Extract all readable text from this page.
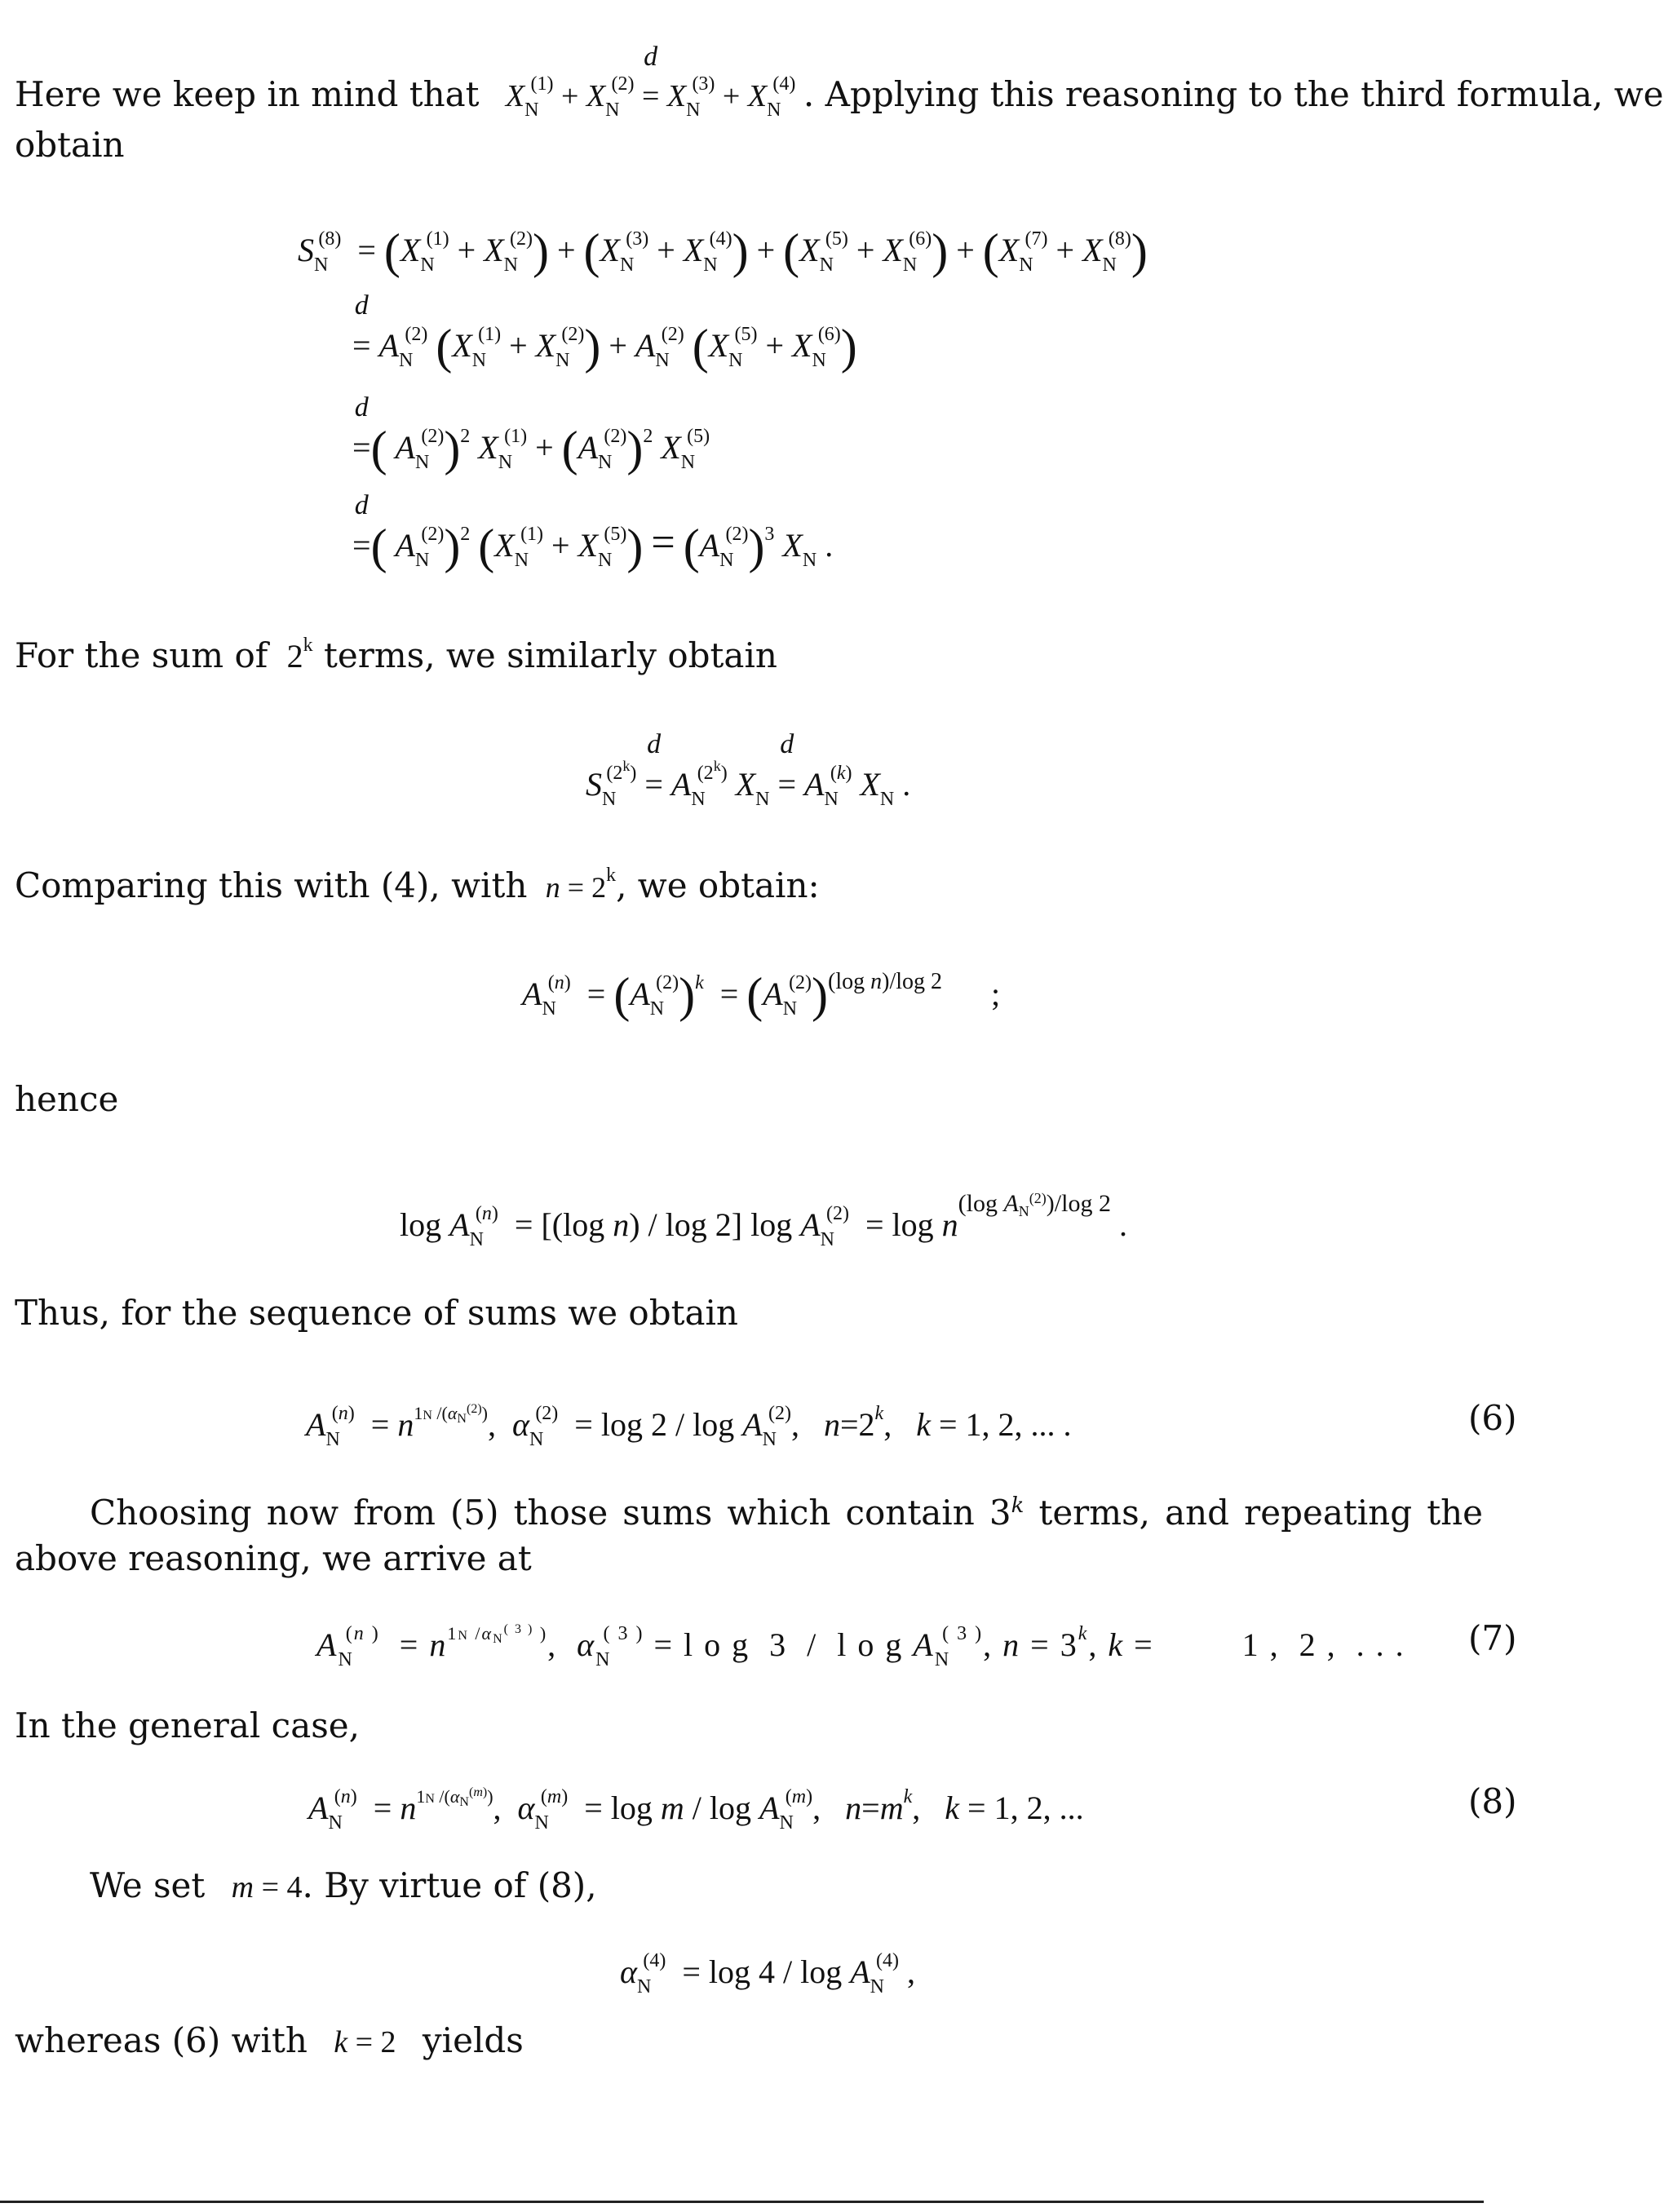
Here we keep in mind that $X_N^{(1)} + X_N^{(2)}$ =
d
$X_N^{(3)} + X_N^{(4)}$ . Applying this reasoning to the third formula, we
obtain
$S_N^{(8)} = (X_N^{(1)} + X_N^{(2)}) + (X_N^{(3)} + X_N^{(4)}) + (X_N^{(5)} + X_N^{(6)}) + (X_N^{(7)} + X_N^{(8)})$
=
d
$A_N^{(2)}$ $(X_N^{(1)} + X_N^{(2)}) + A_N^{(2)}$ $(X_N^{(5)} + X_N^{(6)})$
=
d
( $A_N^{(2)})^2$ $X_N^{(1)} + (A_N^{(2)})^2$ $X_N^{(5)}$
=
d
( $A_N^{(2)})^2$ $(X_N^{(1)} + X_N^{(5)}) = (A_N^{(2)})^3$ $X_N$ .
For the sum of  2$^k$ terms, we similarly obtain
$S_N^{(2^k)}$ =
d
$A_N^{(2^k)}$ $X_N$ =
d
$A_N^{(k)}$ $X_N$ .
Comparing this with (4), with $n = 2^k$, we obtain:
$A_N^{(n)} = (A_N^{(2)})^k = (A_N^{(2)})^{(log n)/log 2}$      ;
hence
$\log A_N^{(n)} = [(\log$ n) / log 2] $\log A_N^{(2)} = \log n^{(log A_N^{(2)})/log 2}$ .
Thus, for the sequence of sums we obtain
$A_N^{(n)} = n^{1N /(\alpha N^{(2)})}$,  $\alpha_N^{(2)} = \log 2 / \log A_N^{(2)}$,   $n=2^k$,   k = 1, 2, ... .	(6)
Choosing now from (5) those sums which contain 3$^k$ terms, and repeating the above reasoning, we arrive at
$A_N^{(n )} = n^{1N /\alpha N^{( 3 )} )}$,  $\alpha_N^{( 3 )} = l$ o g  3  /  l o g $A_N^{( 3 )}$, $n = 3^k$, k =         1 ,  2 ,  . . . (7)
In the general case,
$A_N^{(n)} = n^{1N /(\alpha N^{(m)})}$,  $\alpha_N^{(m)} = \log m / \log A_N^{(m)}$,   $n=m^k$,   k = 1, 2, ...	(8)
We set m = 4. By virtue of (8),
$\alpha_N^{(4)} = \log 4 / \log A_N^{(4)}$ ,
whereas (6) with k = 2   yields
